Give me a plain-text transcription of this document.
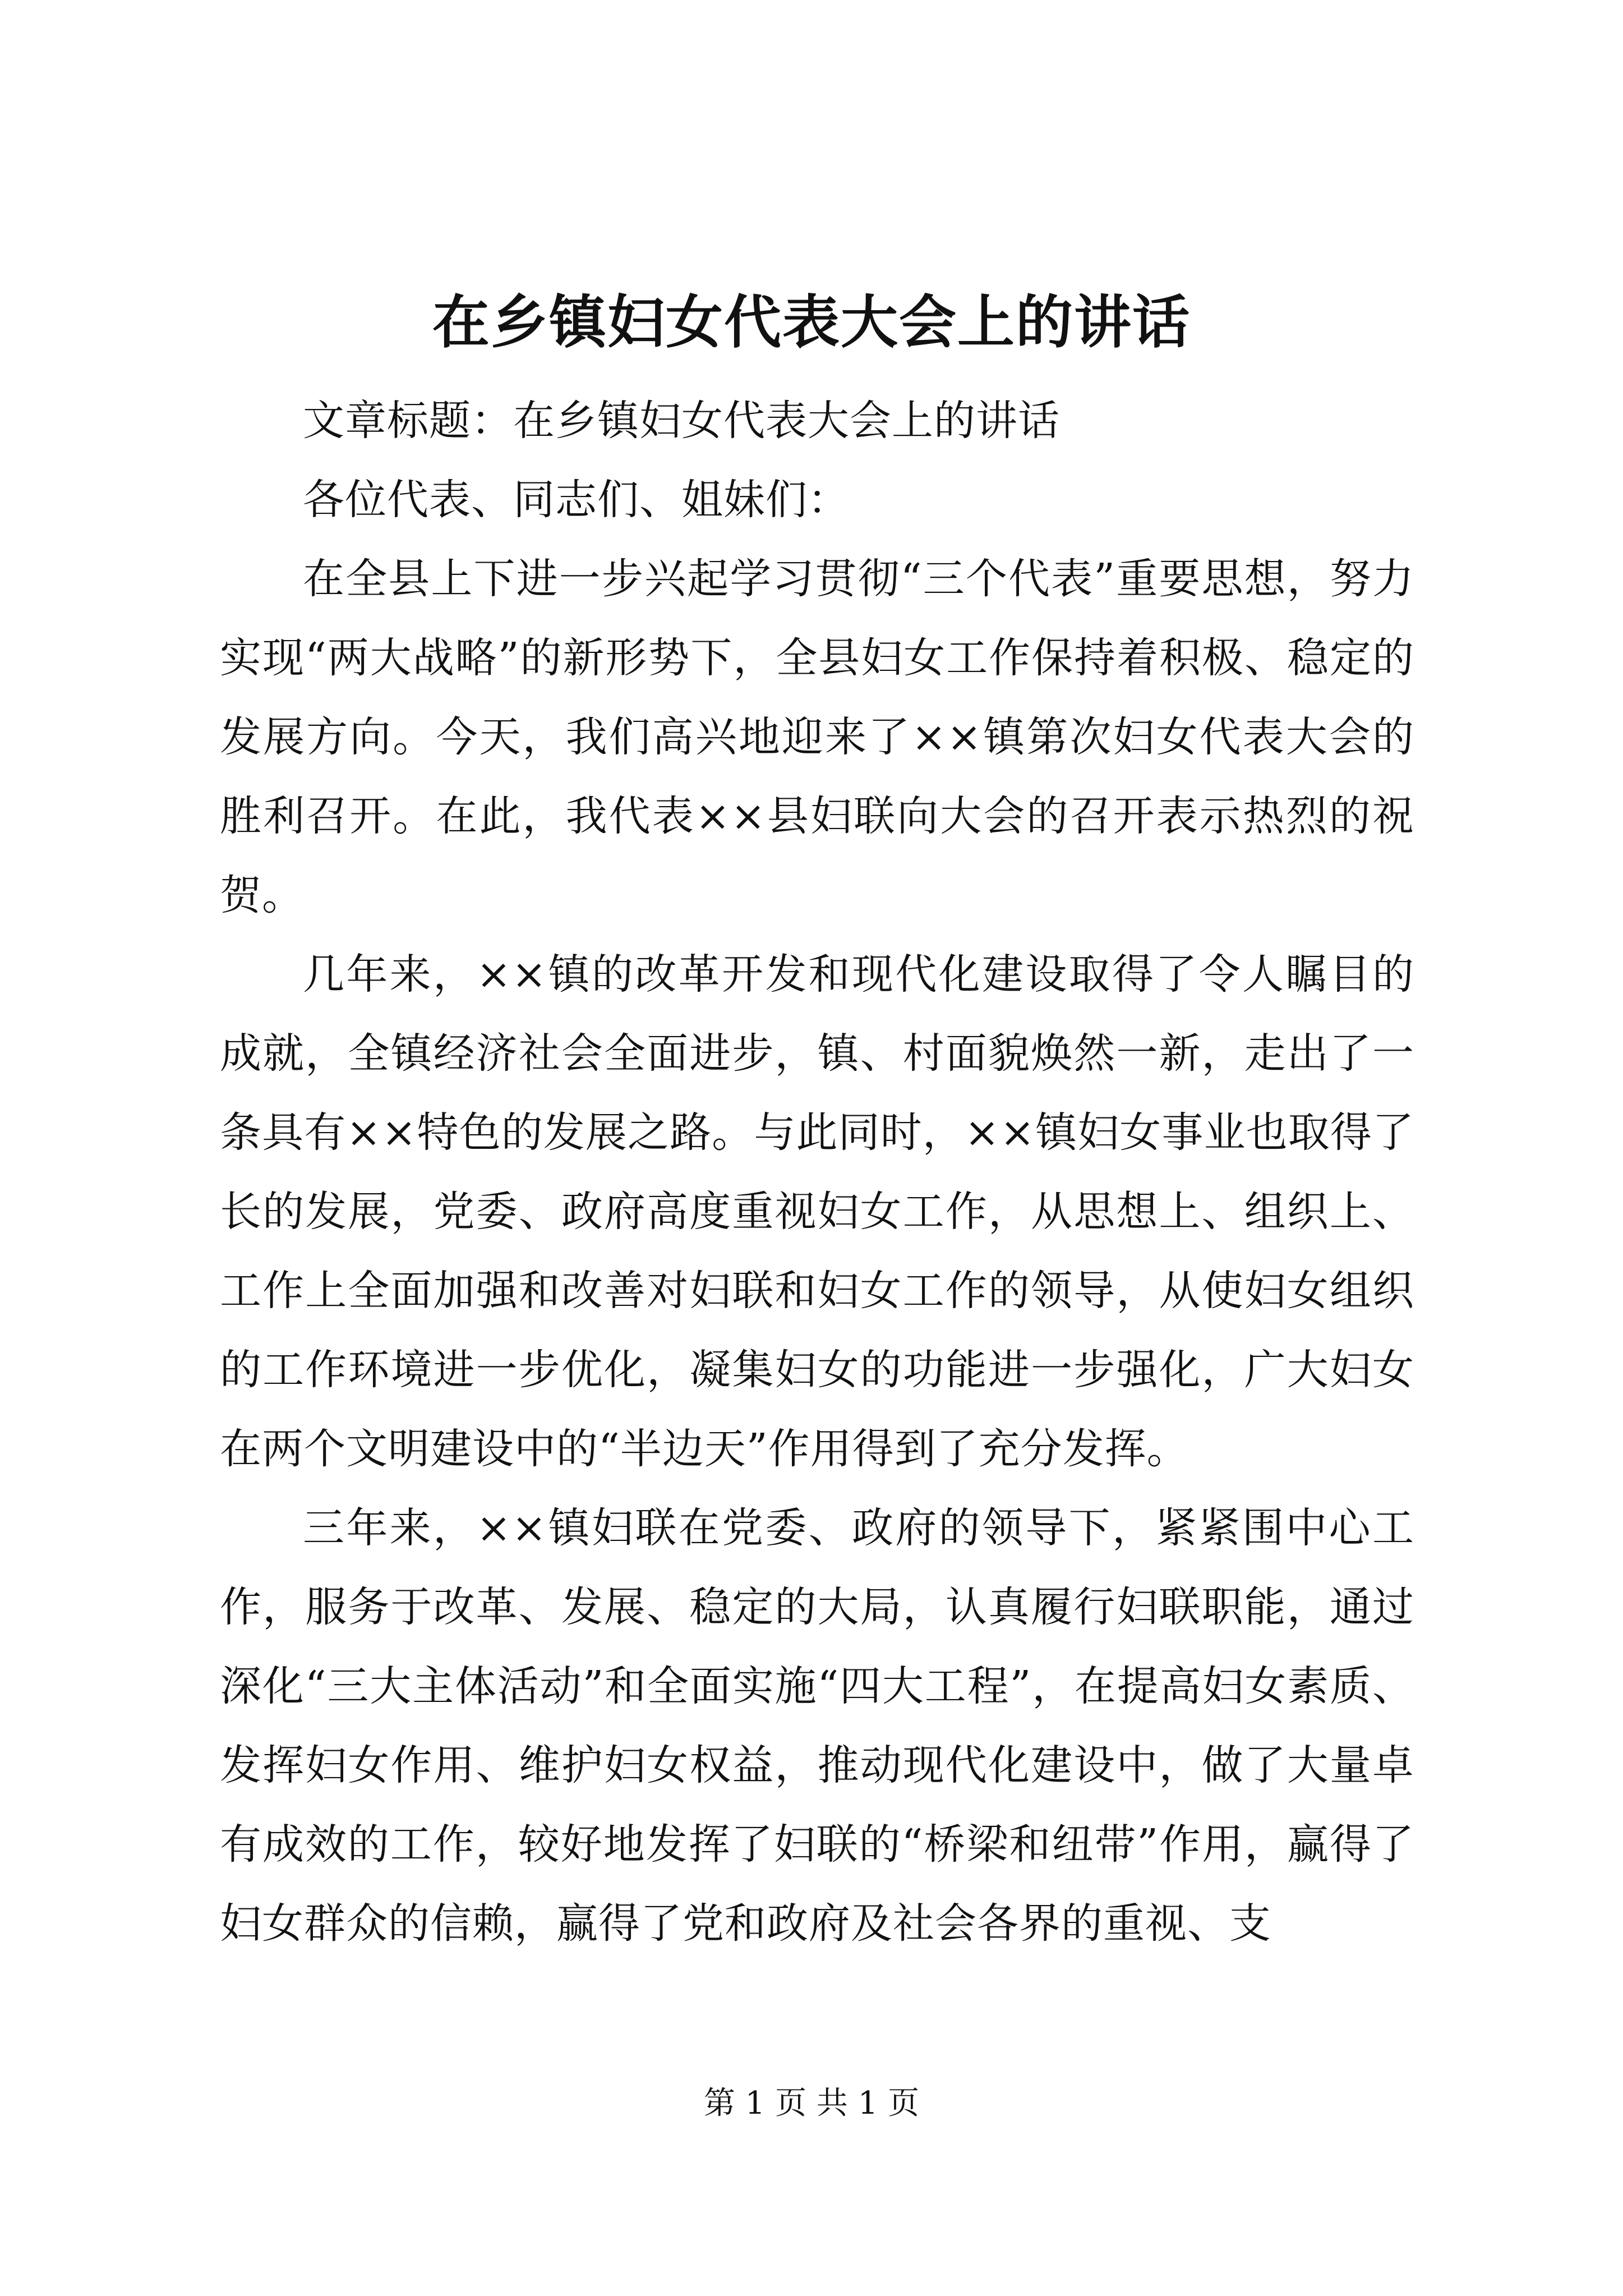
在乡镇妇女代表大会上的讲话

文章标题：在乡镇妇女代表大会上的讲话

各位代表、同志们、姐妹们：

在全县上下进一步兴起学习贯彻“三个代表”重要思想，努力实现“两大战略”的新形势下，全县妇女工作保持着积极、稳定的发展方向。今天，我们高兴地迎来了××镇第次妇女代表大会的胜利召开。在此，我代表××县妇联向大会的召开表示热烈的祝贺。

几年来，××镇的改革开发和现代化建设取得了令人瞩目的成就，全镇经济社会全面进步，镇、村面貌焕然一新，走出了一条具有××特色的发展之路。与此同时，××镇妇女事业也取得了长的发展，党委、政府高度重视妇女工作，从思想上、组织上、工作上全面加强和改善对妇联和妇女工作的领导，从使妇女组织的工作环境进一步优化，凝集妇女的功能进一步强化，广大妇女在两个文明建设中的“半边天”作用得到了充分发挥。

三年来，××镇妇联在党委、政府的领导下，紧紧围中心工作，服务于改革、发展、稳定的大局，认真履行妇联职能，通过深化“三大主体活动”和全面实施“四大工程”，在提高妇女素质、发挥妇女作用、维护妇女权益，推动现代化建设中，做了大量卓有成效的工作，较好地发挥了妇联的“桥梁和纽带”作用，赢得了妇女群众的信赖，赢得了党和政府及社会各界的重视、支

第 1 页 共 1 页
